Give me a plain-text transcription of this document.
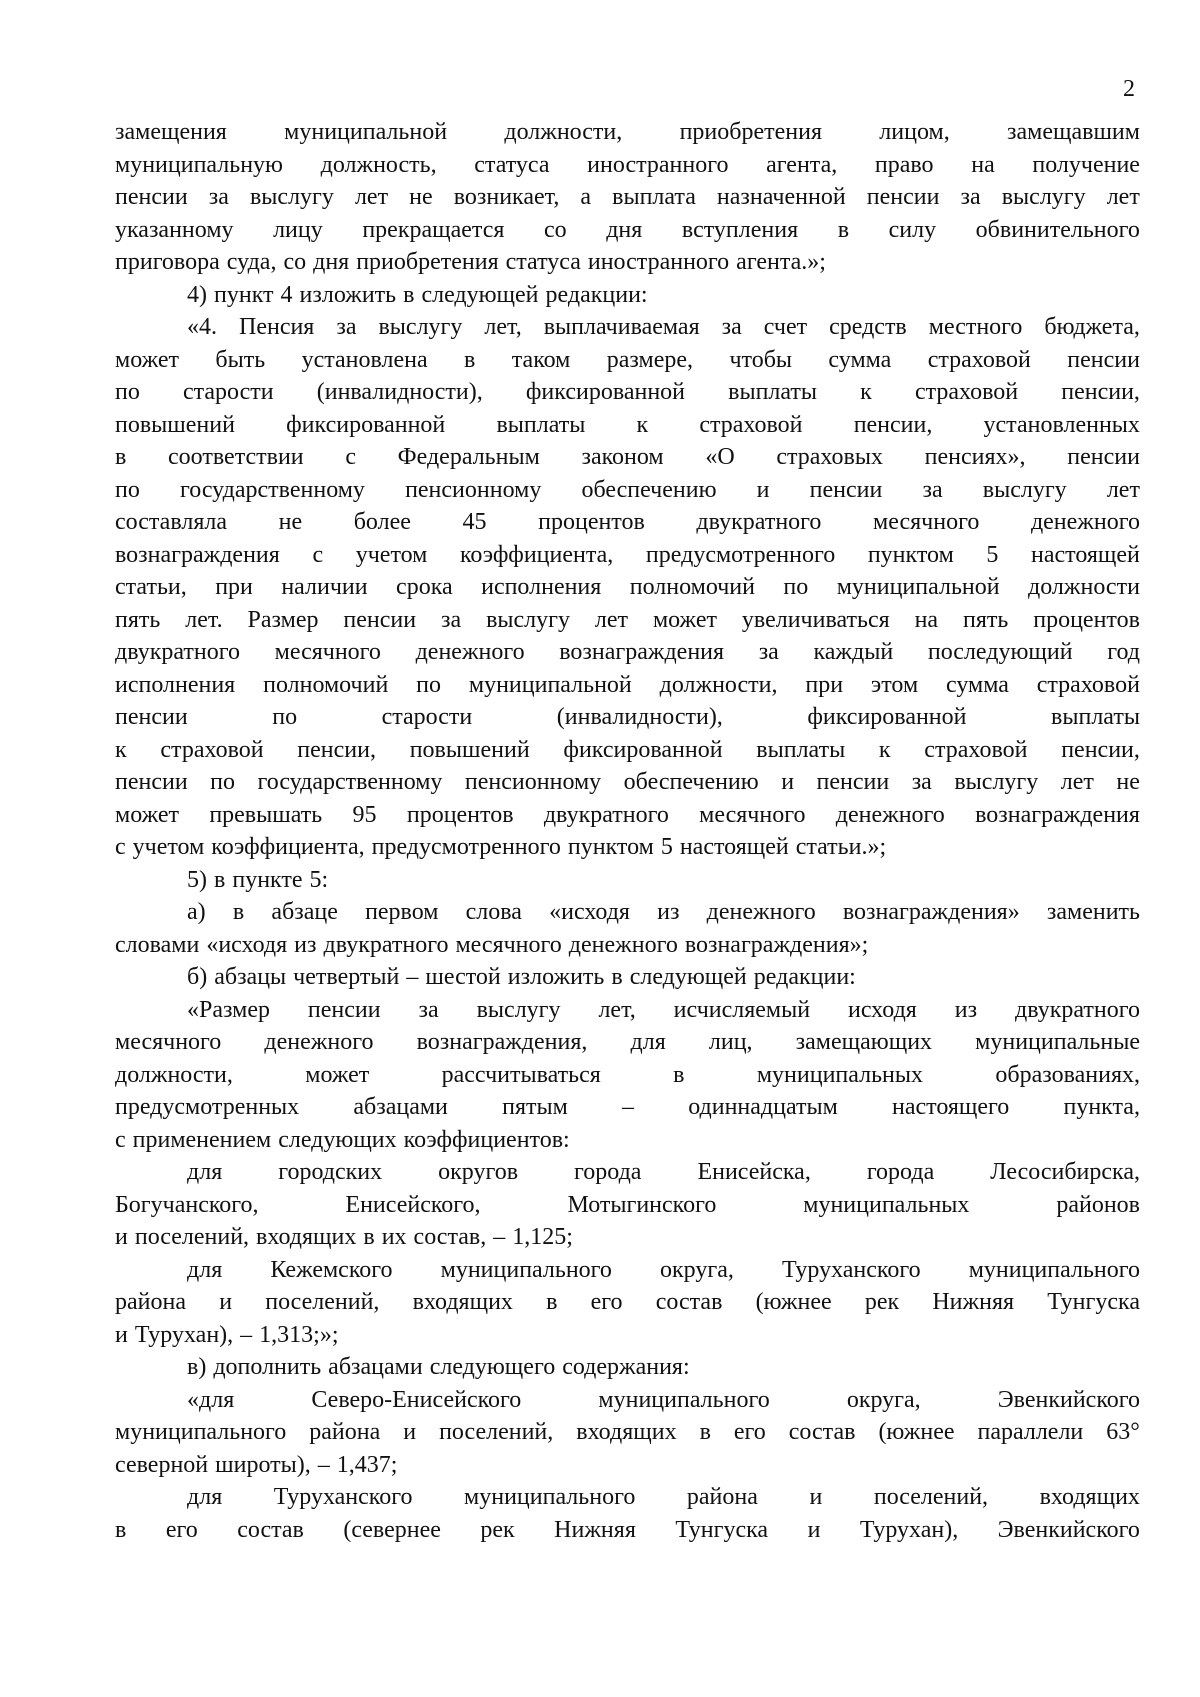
2
замещения муниципальной должности, приобретения лицом, замещавшим
муниципальную должность, статуса иностранного агента, право на получение
пенсии за выслугу лет не возникает, а выплата назначенной пенсии за выслугу лет
указанному лицу прекращается со дня вступления в силу обвинительного
приговора суда, со дня приобретения статуса иностранного агента.»;
4) пункт 4 изложить в следующей редакции:
«4. Пенсия за выслугу лет, выплачиваемая за счет средств местного бюджета,
может быть установлена в таком размере, чтобы сумма страховой пенсии
по старости (инвалидности), фиксированной выплаты к страховой пенсии,
повышений фиксированной выплаты к страховой пенсии, установленных
в соответствии с Федеральным законом «О страховых пенсиях», пенсии
по государственному пенсионному обеспечению и пенсии за выслугу лет
составляла не более 45 процентов двукратного месячного денежного
вознаграждения с учетом коэффициента, предусмотренного пунктом 5 настоящей
статьи, при наличии срока исполнения полномочий по муниципальной должности
пять лет. Размер пенсии за выслугу лет может увеличиваться на пять процентов
двукратного месячного денежного вознаграждения за каждый последующий год
исполнения полномочий по муниципальной должности, при этом сумма страховой
пенсии	по	старости	(инвалидности),	фиксированной	выплаты
к страховой пенсии, повышений фиксированной выплаты к страховой пенсии,
пенсии по государственному пенсионному обеспечению и пенсии за выслугу лет не
может превышать 95 процентов двукратного месячного денежного вознаграждения
с учетом коэффициента, предусмотренного пунктом 5 настоящей статьи.»;
5) в пункте 5:
а) в абзаце первом слова «исходя из денежного вознаграждения» заменить
словами «исходя из двукратного месячного денежного вознаграждения»;
б) абзацы четвертый – шестой изложить в следующей редакции:
«Размер пенсии за выслугу лет, исчисляемый исходя из двукратного
месячного денежного вознаграждения, для лиц, замещающих муниципальные
должности,	может	рассчитываться	в	муниципальных	образованиях,
предусмотренных абзацами пятым – одиннадцатым настоящего пункта,
с применением следующих коэффициентов:
для городских округов города Енисейска, города Лесосибирска,
Богучанского,	Енисейского,	Мотыгинского	муниципальных	районов
и поселений, входящих в их состав, – 1,125;
для Кежемского муниципального округа, Туруханского муниципального
района и поселений, входящих в его состав (южнее рек Нижняя Тунгуска
и Турухан), – 1,313;»;
в) дополнить абзацами следующего содержания:
«для	Северо-Енисейского	муниципального	округа,	Эвенкийского
муниципального района и поселений, входящих в его состав (южнее параллели 63°
северной широты), – 1,437;
для Туруханского муниципального района и поселений, входящих
в его состав (севернее рек Нижняя Тунгуска и Турухан), Эвенкийского
